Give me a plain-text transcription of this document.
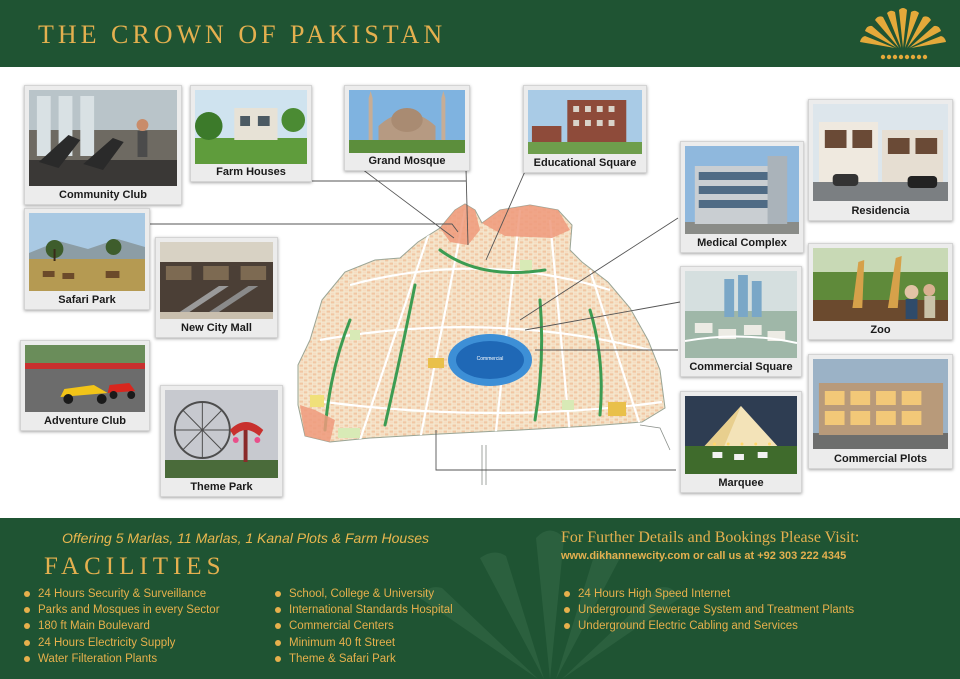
THE CROWN OF PAKISTAN
Commercial
Community Club
Farm Houses
Grand Mosque	Educational Square
Medical Complex
Residencia
Safari Park
New City Mall	Zoo
Commercial Square
Adventure Club
Commercial Plots
Theme Park	Marquee
Offering 5 Marlas, 11 Marlas, 1 Kanal Plots & Farm Houses
FACILITIES
For Further Details and Bookings Please Visit:
www.dikhannewcity.com or call us at +92 303 222 4345
24 Hours Security & Surveillance
Parks and Mosques in every Sector
180 ft Main Boulevard
24 Hours Electricity Supply
Water Filteration Plants
School, College & University
International Standards Hospital
Commercial Centers
Minimum 40 ft Street
Theme & Safari Park
24 Hours High Speed Internet
Underground Sewerage System and Treatment Plants
Underground Electric Cabling and Services
